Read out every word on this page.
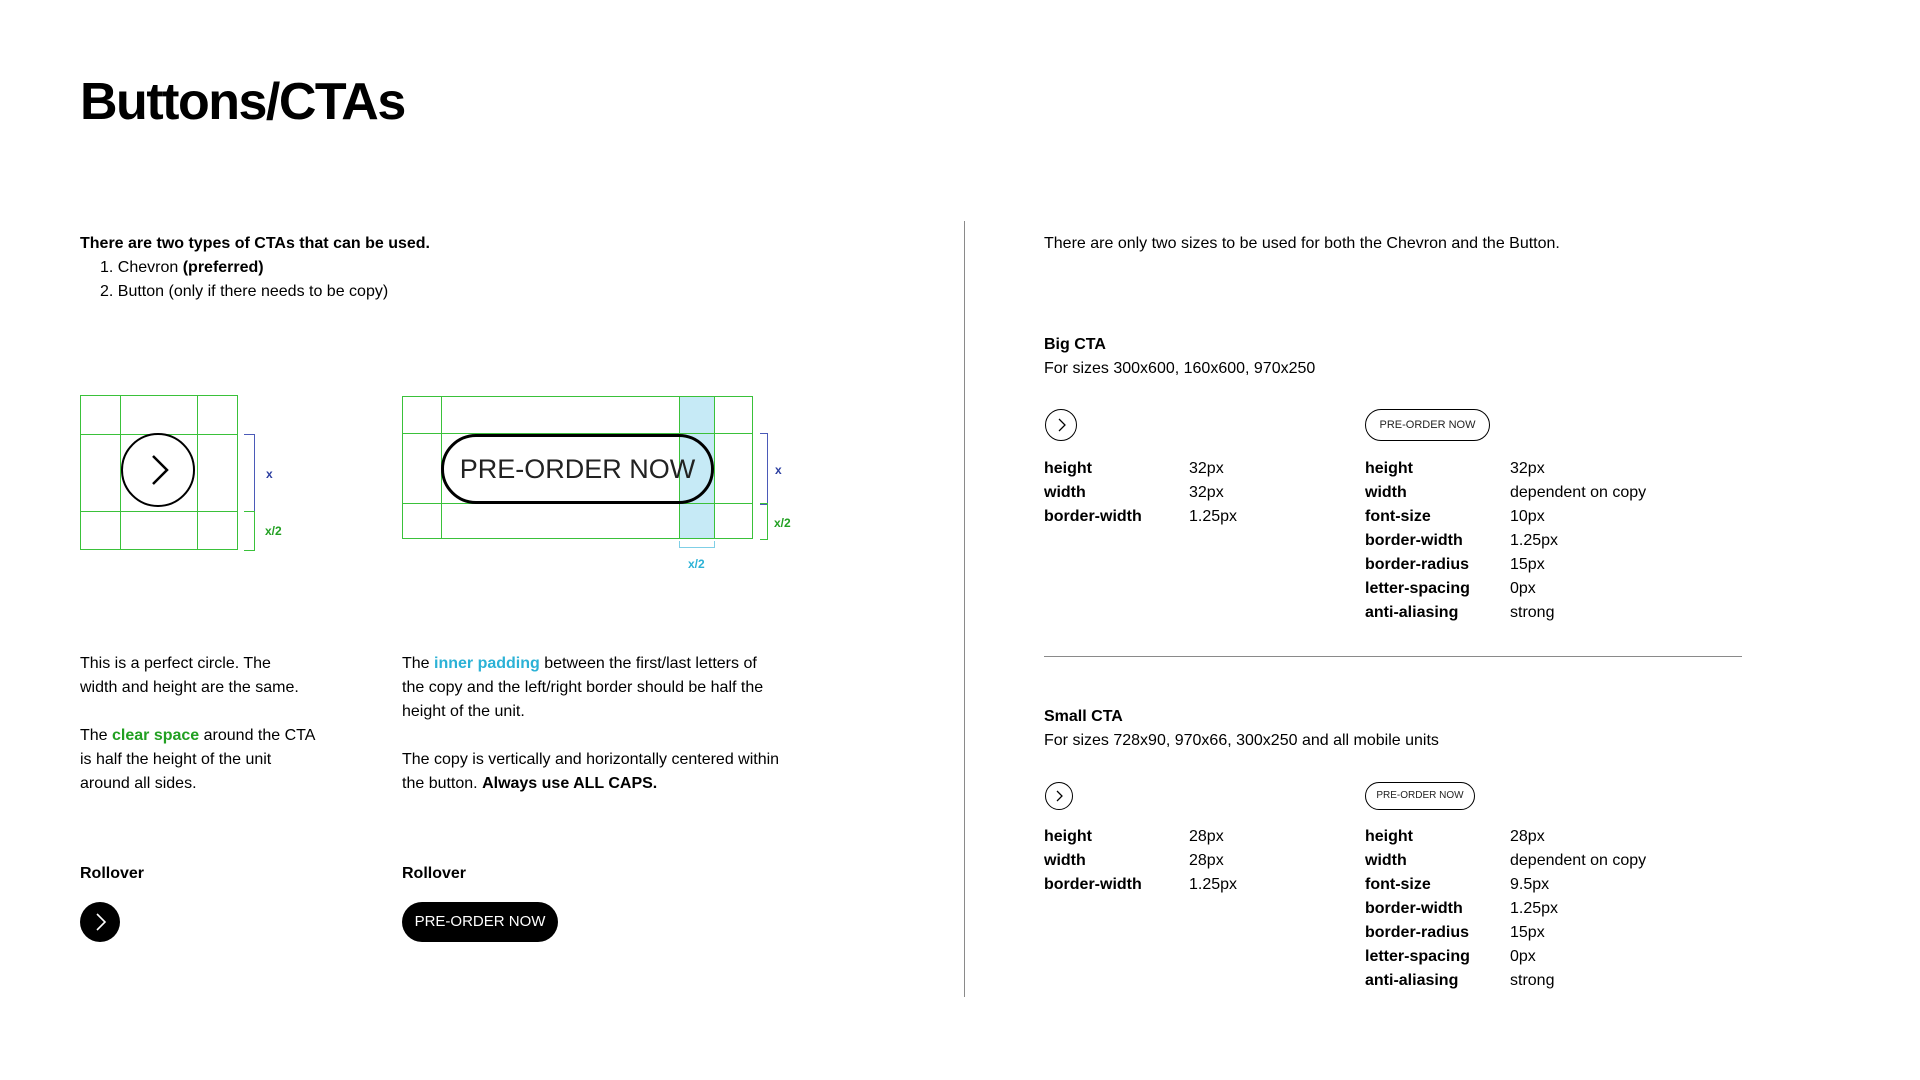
Buttons/CTAs
There are two types of CTAs that can be used.
1. Chevron (preferred)
2. Button (only if there needs to be copy)
x
x/2
PRE-ORDER NOW	x
x/2
x/2
This is a perfect circle. The
width and height are the same.
The clear space around the CTA
is half the height of the unit
around all sides.
The inner padding between the first/last letters of
the copy and the left/right border should be half the
height of the unit.
The copy is vertically and horizontally centered within
the button. Always use ALL CAPS.
Rollover	Rollover
PRE-ORDER NOW
There are only two sizes to be used for both the Chevron and the Button.
Big CTA
For sizes 300x600, 160x600, 970x250
PRE-ORDER NOW
height	32px
width	32px
border-width	1.25px
height	32px
width	dependent on copy
font-size	10px
border-width	1.25px
border-radius	15px
letter-spacing	0px
anti-aliasing	strong
Small CTA
For sizes 728x90, 970x66, 300x250 and all mobile units
PRE-ORDER NOW
height	28px
width	28px
border-width	1.25px
height	28px
width	dependent on copy
font-size	9.5px
border-width	1.25px
border-radius	15px
letter-spacing	0px
anti-aliasing	strong
